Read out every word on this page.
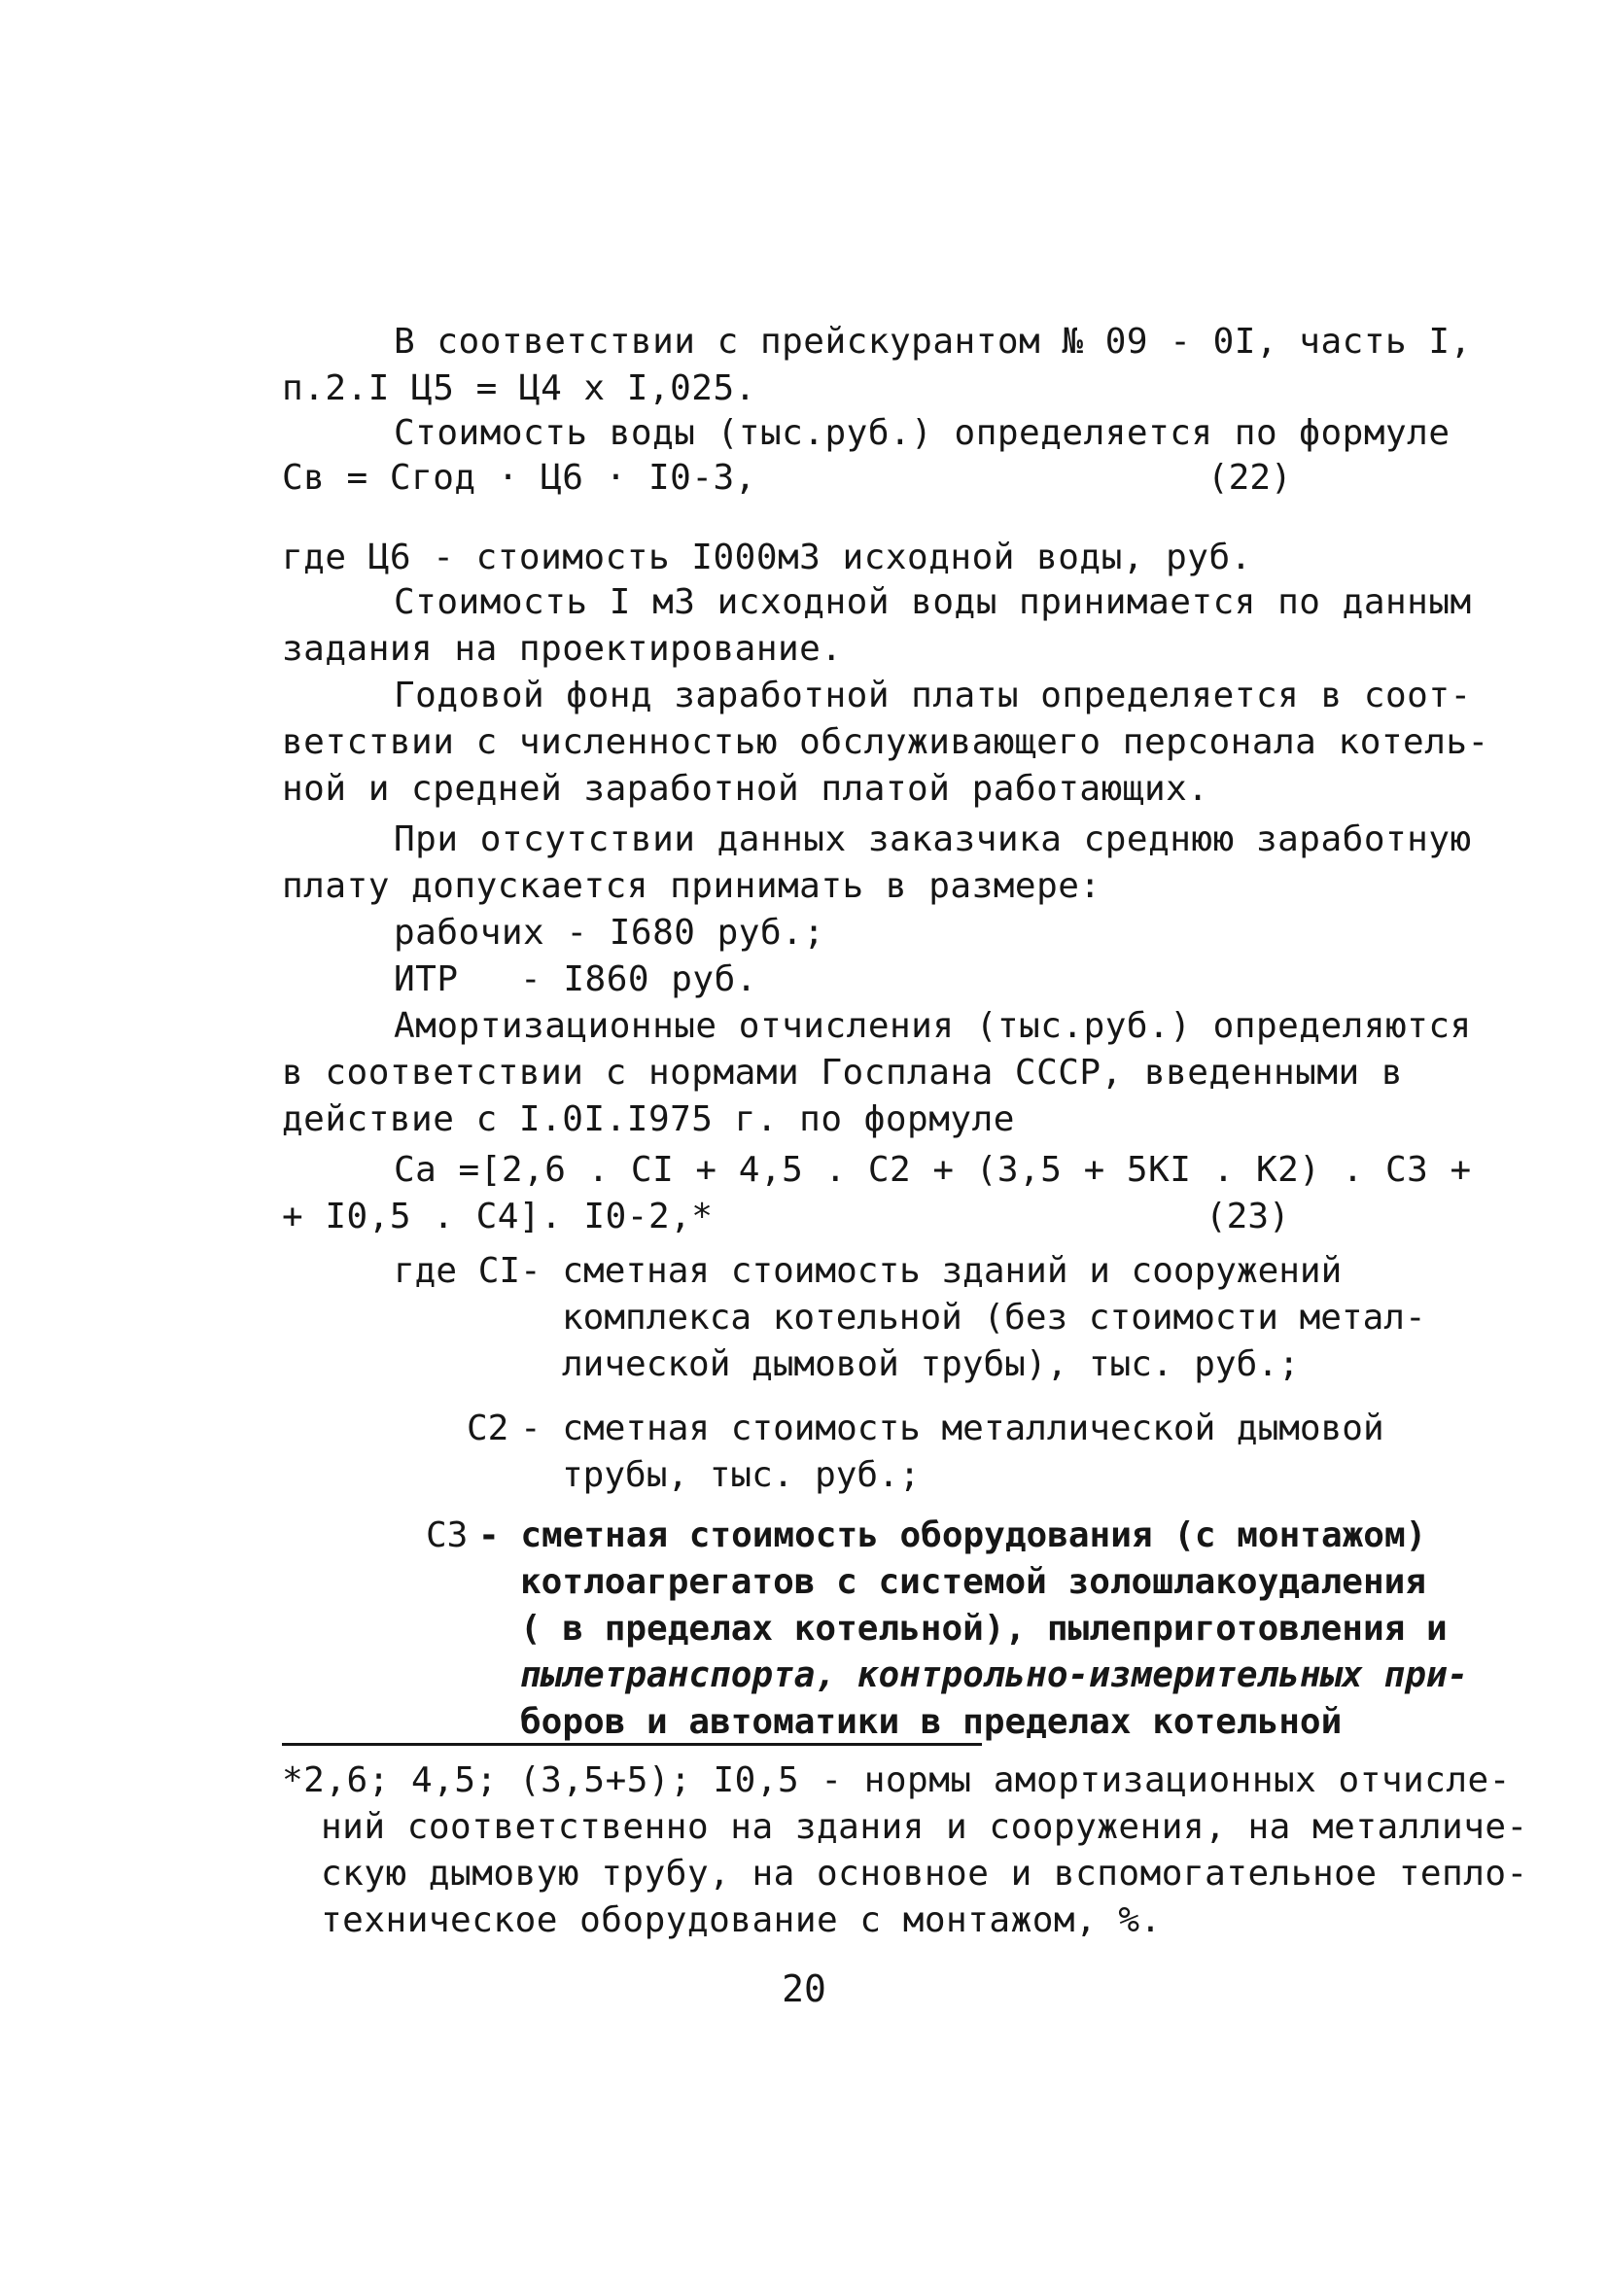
В соответствии с прейскурантом № 09 - 0I, часть I,
п.2.I Ц5 = Ц4 х I,025.
Стоимость воды (тыс.руб.) определяется по формуле
Св = Сгод · Ц6 · I0-3,	(22)
где Ц6 - стоимость I000м3 исходной воды, руб.
Стоимость I м3 исходной воды принимается по данным
задания на проектирование.
Годовой фонд заработной платы определяется в соот-
ветствии с численностью обслуживающего персонала котель-
ной и средней заработной платой работающих.
При отсутствии данных заказчика среднюю заработную
плату допускается принимать в размере:
рабочих - I680 руб.;
ИТР - I860 руб.
Амортизационные отчисления (тыс.руб.) определяются
в соответствии с нормами Госплана СССР, введенными в
действие с I.0I.I975 г. по формуле
Са =[2,6 . СI + 4,5 . С2 + (3,5 + 5КI . К2) . С3 +
+ I0,5 . С4]. I0-2,*	(23)
где СI - сметная стоимость зданий и сооружений
комплекса котельной (без стоимости метал-
лической дымовой трубы), тыс. руб.;
С2 - сметная стоимость металлической дымовой
трубы, тыс. руб.;
С3 - сметная стоимость оборудования (с монтажом)
котлоагрегатов с системой золошлакоудаления
( в пределах котельной), пылеприготовления и
пылетранспорта, контрольно-измерительных при-
боров и автоматики в пределах котельной
*2,6; 4,5; (3,5+5); I0,5 - нормы амортизационных отчисле-
ний соответственно на здания и сооружения, на металличе-
скую дымовую трубу, на основное и вспомогательное тепло-
техническое оборудование с монтажом, %.
20
